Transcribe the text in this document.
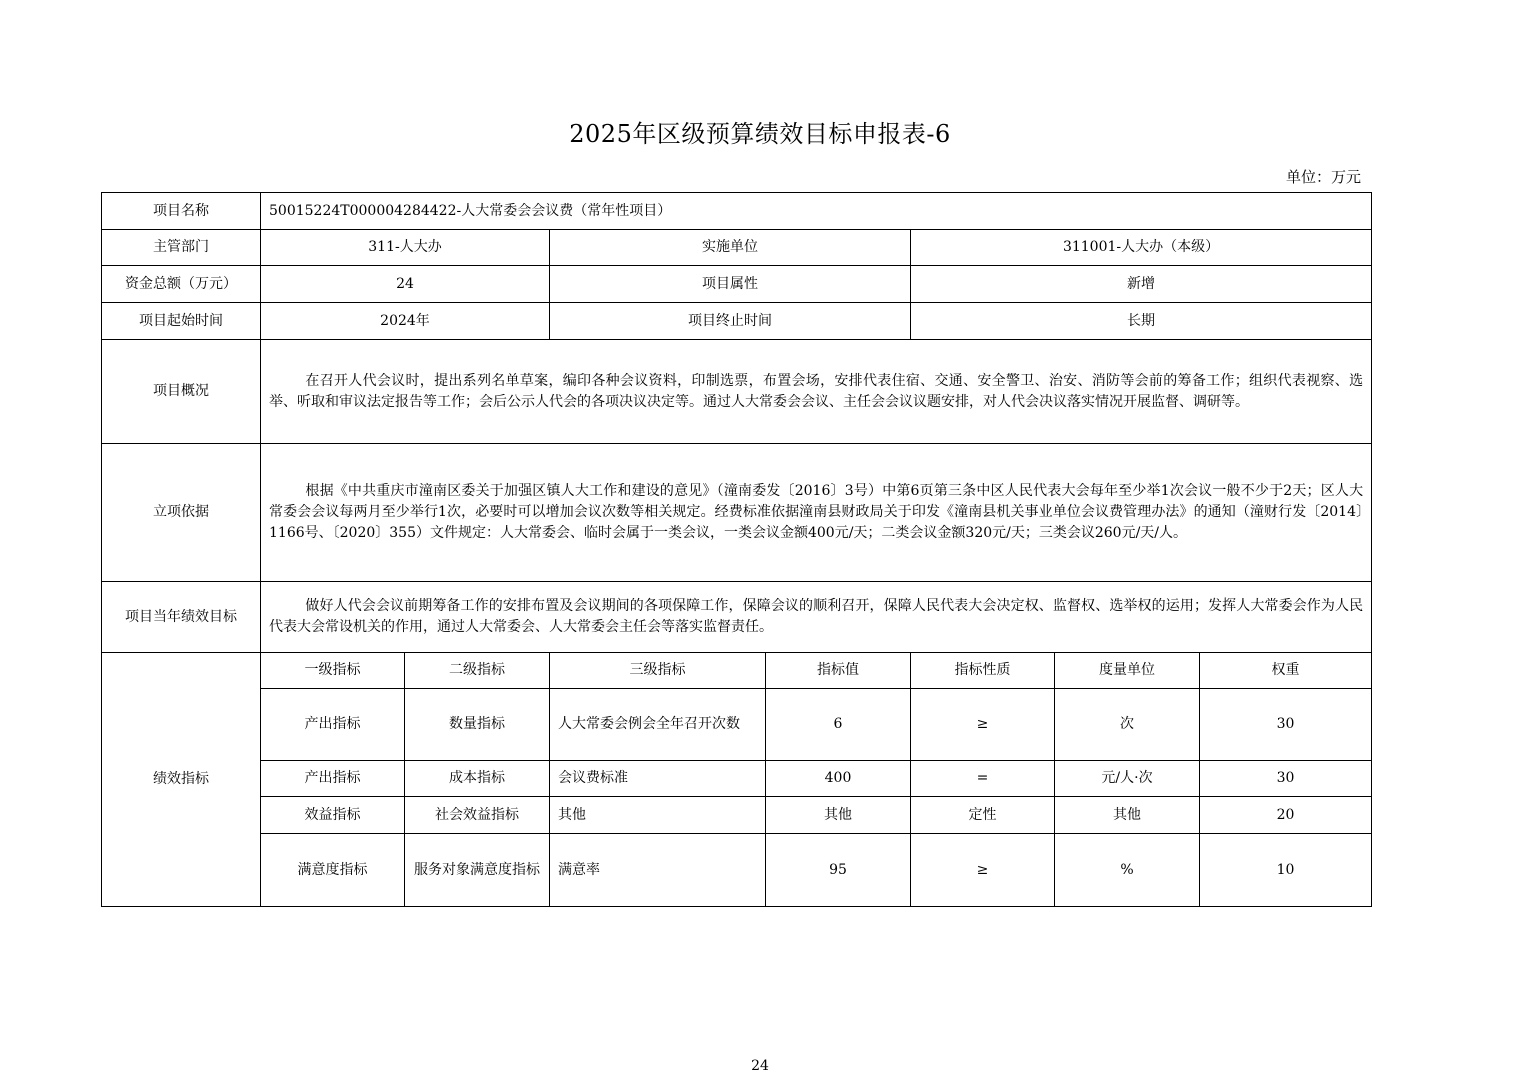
2025年区级预算绩效目标申报表-6
单位：万元
项目名称	50015224T000004284422-人大常委会会议费（常年性项目）						
主管部门	311-人大办		实施单位		311001-人大办（本级）		
资金总额（万元）	24		项目属性		新增		
项目起始时间	2024年		项目终止时间		长期		
项目概况	在召开人代会议时，提出系列名单草案，编印各种会议资料，印制选票，布置会场，安排代表住宿、交通、安全警卫、治安、消防等会前的筹备工作；组织代表视察、选举、听取和审议法定报告等工作；会后公示人代会的各项决议决定等。通过人大常委会会议、主任会会议议题安排，对人代会决议落实情况开展监督、调研等。						
立项依据	根据《中共重庆市潼南区委关于加强区镇人大工作和建设的意见》（潼南委发〔2016〕3号）中第6页第三条中区人民代表大会每年至少举1次会议一般不少于2天；区人大常委会会议每两月至少举行1次，必要时可以增加会议次数等相关规定。经费标准依据潼南县财政局关于印发《潼南县机关事业单位会议费管理办法》的通知（潼财行发〔2014〕1166号、〔2020〕355）文件规定：人大常委会、临时会属于一类会议，一类会议金额400元/天；二类会议金额320元/天；三类会议260元/天/人。						
项目当年绩效目标	做好人代会会议前期筹备工作的安排布置及会议期间的各项保障工作，保障会议的顺利召开，保障人民代表大会决定权、监督权、选举权的运用；发挥人大常委会作为人民代表大会常设机关的作用，通过人大常委会、人大常委会主任会等落实监督责任。						
绩效指标	一级指标	二级指标	三级指标	指标值	指标性质	度量单位	权重
	产出指标	数量指标	人大常委会例会全年召开次数	6	≥	次	30
	产出指标	成本指标	会议费标准	400	=	元/人·次	30
	效益指标	社会效益指标	其他	其他	定性	其他	20
	满意度指标	服务对象满意度指标	满意率	95	≥	%	10
24
